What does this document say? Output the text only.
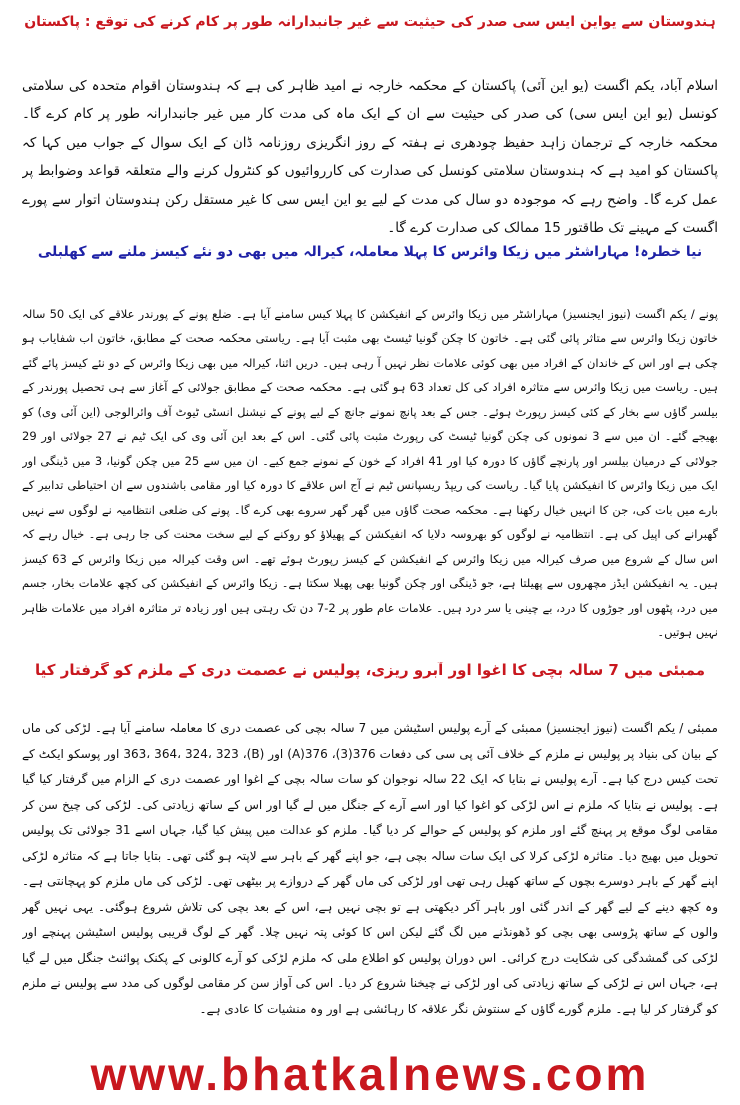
ہندوستان سے یواین ایس سی صدر کی حیثیت سے غیر جانبدارانہ طور پر کام کرنے کی توقع : پاکستان

اسلام آباد، یکم اگست (یو این آئی) پاکستان کے محکمہ خارجہ نے امید ظاہر کی ہے کہ ہندوستان اقوام متحدہ کی سلامتی کونسل (یو این ایس سی) کی صدر کی حیثیت سے ان کے ایک ماہ کی مدت کار میں غیر جانبدارانہ طور پر کام کرے گا۔ محکمہ خارجہ کے ترجمان زاہد حفیظ چودھری نے ہفتہ کے روز انگریزی روزنامہ ڈان کے ایک سوال کے جواب میں کہا کہ پاکستان کو امید ہے کہ ہندوستان سلامتی کونسل کی صدارت کی کارروائیوں کو کنٹرول کرنے والے متعلقہ قواعد وضوابط پر عمل کرے گا۔ واضح رہے کہ موجودہ دو سال کی مدت کے لیے یو این ایس سی کا غیر مستقل رکن ہندوستان اتوار سے پورے اگست کے مہینے تک طاقتور 15 ممالک کی صدارت کرے گا۔

نیا خطرہ! مہاراشٹر میں زیکا وائرس کا پہلا معاملہ، کیرالہ میں بھی دو نئے کیسز ملنے سے کھلبلی

پونے / یکم اگست (نیوز ایجنسیز) مہاراشٹر میں زیکا وائرس کے انفیکشن کا پہلا کیس سامنے آیا ہے۔ ضلع پونے کے پورندر علاقے کی ایک 50 سالہ خاتون زیکا وائرس سے متاثر پائی گئی ہے۔ خاتون کا چکن گونیا ٹیسٹ بھی مثبت آیا ہے۔ ریاستی محکمہ صحت کے مطابق، خاتون اب شفایاب ہو چکی ہے اور اس کے خاندان کے افراد میں بھی کوئی علامات نظر نہیں آ رہی ہیں۔ دریں اثنا، کیرالہ میں بھی زیکا وائرس کے دو نئے کیسز پائے گئے ہیں۔ ریاست میں زیکا وائرس سے متاثرہ افراد کی کل تعداد 63 ہو گئی ہے۔ محکمہ صحت کے مطابق جولائی کے آغاز سے ہی تحصیل پورندر کے بیلسر گاؤں سے بخار کے کئی کیسز رپورٹ ہوئے۔ جس کے بعد پانچ نمونے جانچ کے لیے پونے کے نیشنل انسٹی ٹیوٹ آف وائرالوجی (این آئی وی) کو بھیجے گئے۔ ان میں سے 3 نمونوں کی چکن گونیا ٹیسٹ کی رپورٹ مثبت پائی گئی۔ اس کے بعد این آئی وی کی ایک ٹیم نے 27 جولائی اور 29 جولائی کے درمیان بیلسر اور پارنچے گاؤں کا دورہ کیا اور 41 افراد کے خون کے نمونے جمع کیے۔ ان میں سے 25 میں چکن گونیا، 3 میں ڈینگی اور ایک میں زیکا وائرس کا انفیکشن پایا گیا۔ ریاست کی ریپڈ ریسپانس ٹیم نے آج اس علاقے کا دورہ کیا اور مقامی باشندوں سے ان احتیاطی تدابیر کے بارے میں بات کی، جن کا انہیں خیال رکھنا ہے۔ محکمہ صحت گاؤں میں گھر گھر سروے بھی کرے گا۔ پونے کی ضلعی انتظامیہ نے لوگوں سے نہیں گھبرانے کی اپیل کی ہے۔ انتظامیہ نے لوگوں کو بھروسہ دلایا کہ انفیکشن کے پھیلاؤ کو روکنے کے لیے سخت محنت کی جا رہی ہے۔ خیال رہے کہ اس سال کے شروع میں صرف کیرالہ میں زیکا وائرس کے انفیکشن کے کیسز رپورٹ ہوئے تھے۔ اس وقت کیرالہ میں زیکا وائرس کے 63 کیسز ہیں۔ یہ انفیکشن ایڈز مچھروں سے پھیلتا ہے، جو ڈینگی اور چکن گونیا بھی پھیلا سکتا ہے۔ زیکا وائرس کے انفیکشن کی کچھ علامات بخار، جسم میں درد، پٹھوں اور جوڑوں کا درد، بے چینی یا سر درد ہیں۔ علامات عام طور پر 2-7 دن تک رہتی ہیں اور زیادہ تر متاثرہ افراد میں علامات ظاہر نہیں ہوتیں۔

ممبئی میں 7 سالہ بچی کا اغوا اور آبرو ریزی، پولیس نے عصمت دری کے ملزم کو گرفتار کیا

ممبئی / یکم اگست (نیوز ایجنسیز) ممبئی کے آرے پولیس اسٹیشن میں 7 سالہ بچی کی عصمت دری کا معاملہ سامنے آیا ہے۔ لڑکی کی ماں کے بیان کی بنیاد پر پولیس نے ملزم کے خلاف آئی پی سی کی دفعات 376(3)، 376(A) اور (B)، 363، 364، 324، 323 اور پوسکو ایکٹ کے تحت کیس درج کیا ہے۔ آرے پولیس نے بتایا کہ ایک 22 سالہ نوجوان کو سات سالہ بچی کے اغوا اور عصمت دری کے الزام میں گرفتار کیا گیا ہے۔ پولیس نے بتایا کہ ملزم نے اس لڑکی کو اغوا کیا اور اسے آرے کے جنگل میں لے گیا اور اس کے ساتھ زیادتی کی۔ لڑکی کی چیخ سن کر مقامی لوگ موقع پر پہنچ گئے اور ملزم کو پولیس کے حوالے کر دیا گیا۔ ملزم کو عدالت میں پیش کیا گیا، جہاں اسے 31 جولائی تک پولیس تحویل میں بھیج دیا۔ متاثرہ لڑکی کرلا کی ایک سات سالہ بچی ہے، جو اپنے گھر کے باہر سے لاپتہ ہو گئی تھی۔ بتایا جاتا ہے کہ متاثرہ لڑکی اپنے گھر کے باہر دوسرے بچوں کے ساتھ کھیل رہی تھی اور لڑکی کی ماں گھر کے دروازے پر بیٹھی تھی۔ لڑکی کی ماں ملزم کو پہچانتی ہے۔ وہ کچھ دینے کے لیے گھر کے اندر گئی اور باہر آکر دیکھتی ہے تو بچی نہیں ہے، اس کے بعد بچی کی تلاش شروع ہوگئی۔ یہی نہیں گھر والوں کے ساتھ پڑوسی بھی بچی کو ڈھونڈنے میں لگ گئے لیکن اس کا کوئی پتہ نہیں چلا۔ گھر کے لوگ قریبی پولیس اسٹیشن پہنچے اور لڑکی کی گمشدگی کی شکایت درج کرائی۔ اس دوران پولیس کو اطلاع ملی کہ ملزم لڑکی کو آرے کالونی کے پکنک پوائنٹ جنگل میں لے گیا ہے، جہاں اس نے لڑکی کے ساتھ زیادتی کی اور لڑکی نے چیخنا شروع کر دیا۔ اس کی آواز سن کر مقامی لوگوں کی مدد سے پولیس نے ملزم کو گرفتار کر لیا ہے۔ ملزم گورے گاؤں کے سنتوش نگر علاقہ کا رہائشی ہے اور وہ منشیات کا عادی ہے۔

www.bhatkalnews.com
